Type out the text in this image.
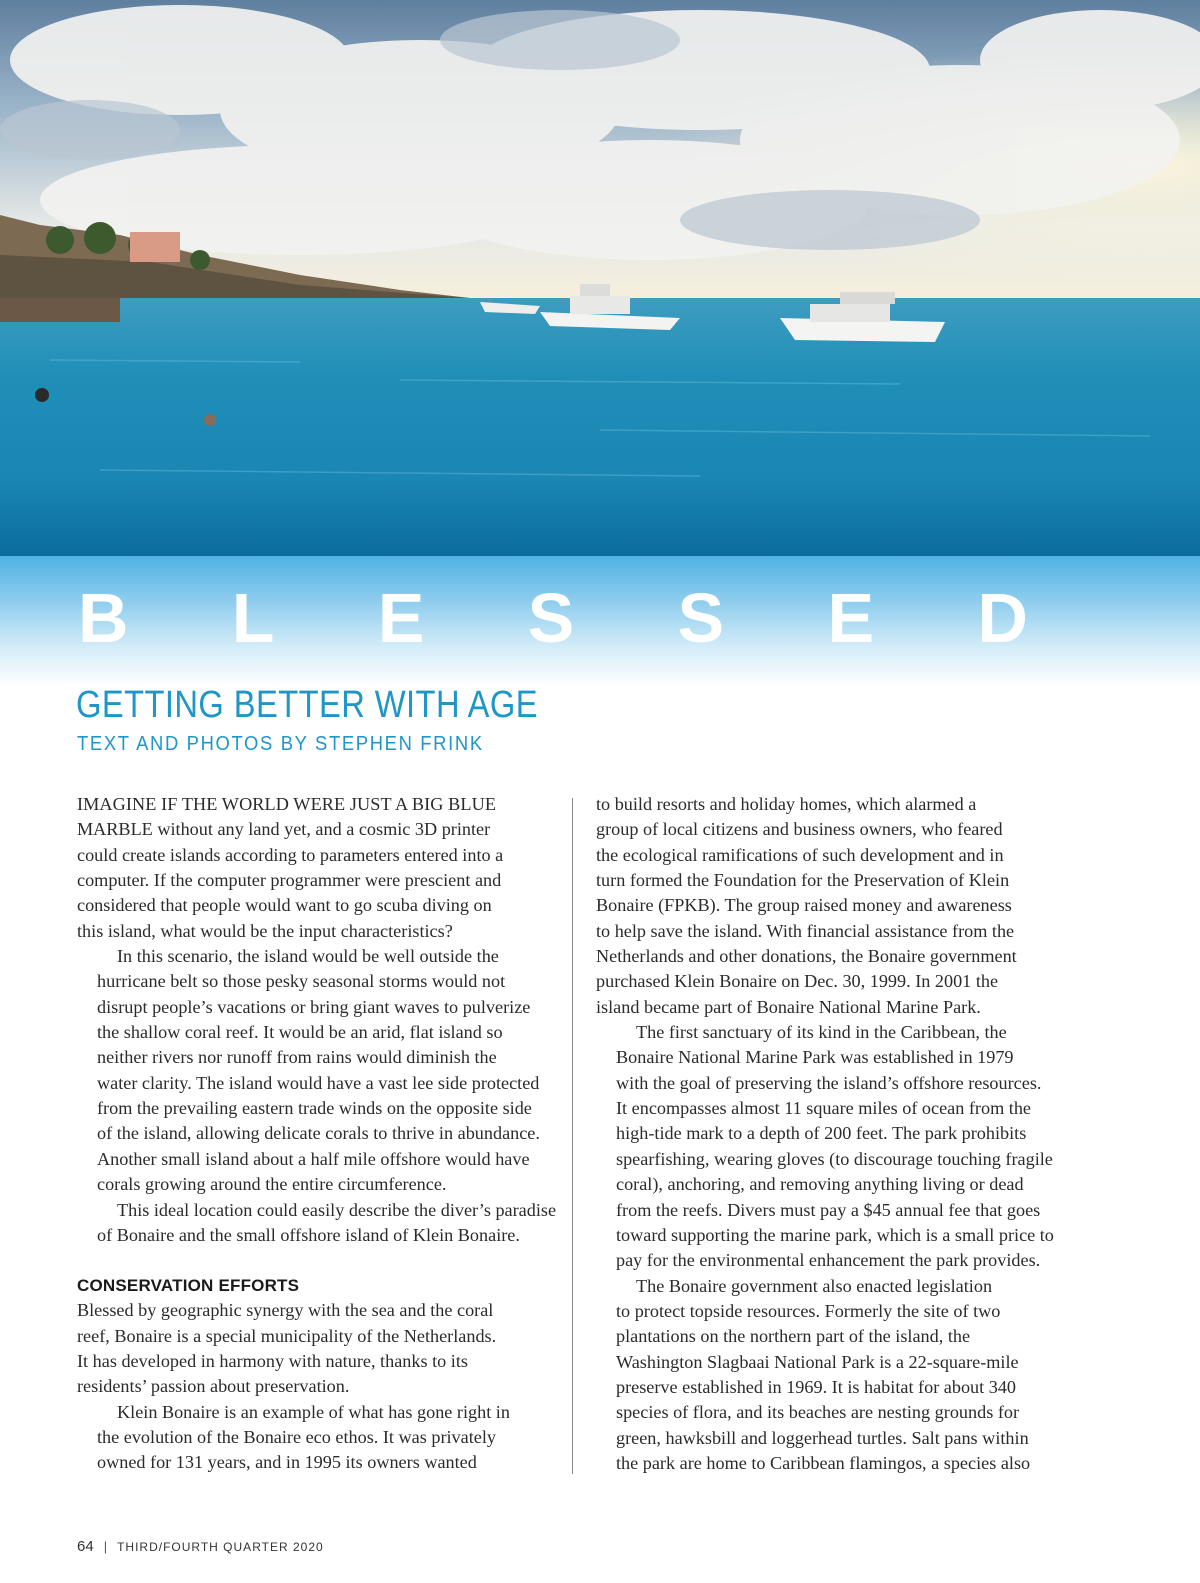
B L E S S E D
GETTING BETTER WITH AGE
TEXT AND PHOTOS BY STEPHEN FRINK

IMAGINE IF THE WORLD WERE JUST A BIG BLUE
MARBLE without any land yet, and a cosmic 3D printer
could create islands according to parameters entered into a
computer. If the computer programmer were prescient and
considered that people would want to go scuba diving on
this island, what would be the input characteristics?

In this scenario, the island would be well outside the
hurricane belt so those pesky seasonal storms would not
disrupt people’s vacations or bring giant waves to pulverize
the shallow coral reef. It would be an arid, flat island so
neither rivers nor runoff from rains would diminish the
water clarity. The island would have a vast lee side protected
from the prevailing eastern trade winds on the opposite side
of the island, allowing delicate corals to thrive in abundance.
Another small island about a half mile offshore would have
corals growing around the entire circumference.

This ideal location could easily describe the diver’s paradise
of Bonaire and the small offshore island of Klein Bonaire.

CONSERVATION EFFORTS

Blessed by geographic synergy with the sea and the coral
reef, Bonaire is a special municipality of the Netherlands.
It has developed in harmony with nature, thanks to its
residents’ passion about preservation.

Klein Bonaire is an example of what has gone right in
the evolution of the Bonaire eco ethos. It was privately
owned for 131 years, and in 1995 its owners wanted

to build resorts and holiday homes, which alarmed a
group of local citizens and business owners, who feared
the ecological ramifications of such development and in
turn formed the Foundation for the Preservation of Klein
Bonaire (FPKB). The group raised money and awareness
to help save the island. With financial assistance from the
Netherlands and other donations, the Bonaire government
purchased Klein Bonaire on Dec. 30, 1999. In 2001 the
island became part of Bonaire National Marine Park.

The first sanctuary of its kind in the Caribbean, the
Bonaire National Marine Park was established in 1979
with the goal of preserving the island’s offshore resources.
It encompasses almost 11 square miles of ocean from the
high-tide mark to a depth of 200 feet. The park prohibits
spearfishing, wearing gloves (to discourage touching fragile
coral), anchoring, and removing anything living or dead
from the reefs. Divers must pay a $45 annual fee that goes
toward supporting the marine park, which is a small price to
pay for the environmental enhancement the park provides.

The Bonaire government also enacted legislation
to protect topside resources. Formerly the site of two
plantations on the northern part of the island, the
Washington Slagbaai National Park is a 22-square-mile
preserve established in 1969. It is habitat for about 340
species of flora, and its beaches are nesting grounds for
green, hawksbill and loggerhead turtles. Salt pans within
the park are home to Caribbean flamingos, a species also

64 | THIRD/FOURTH QUARTER 2020
